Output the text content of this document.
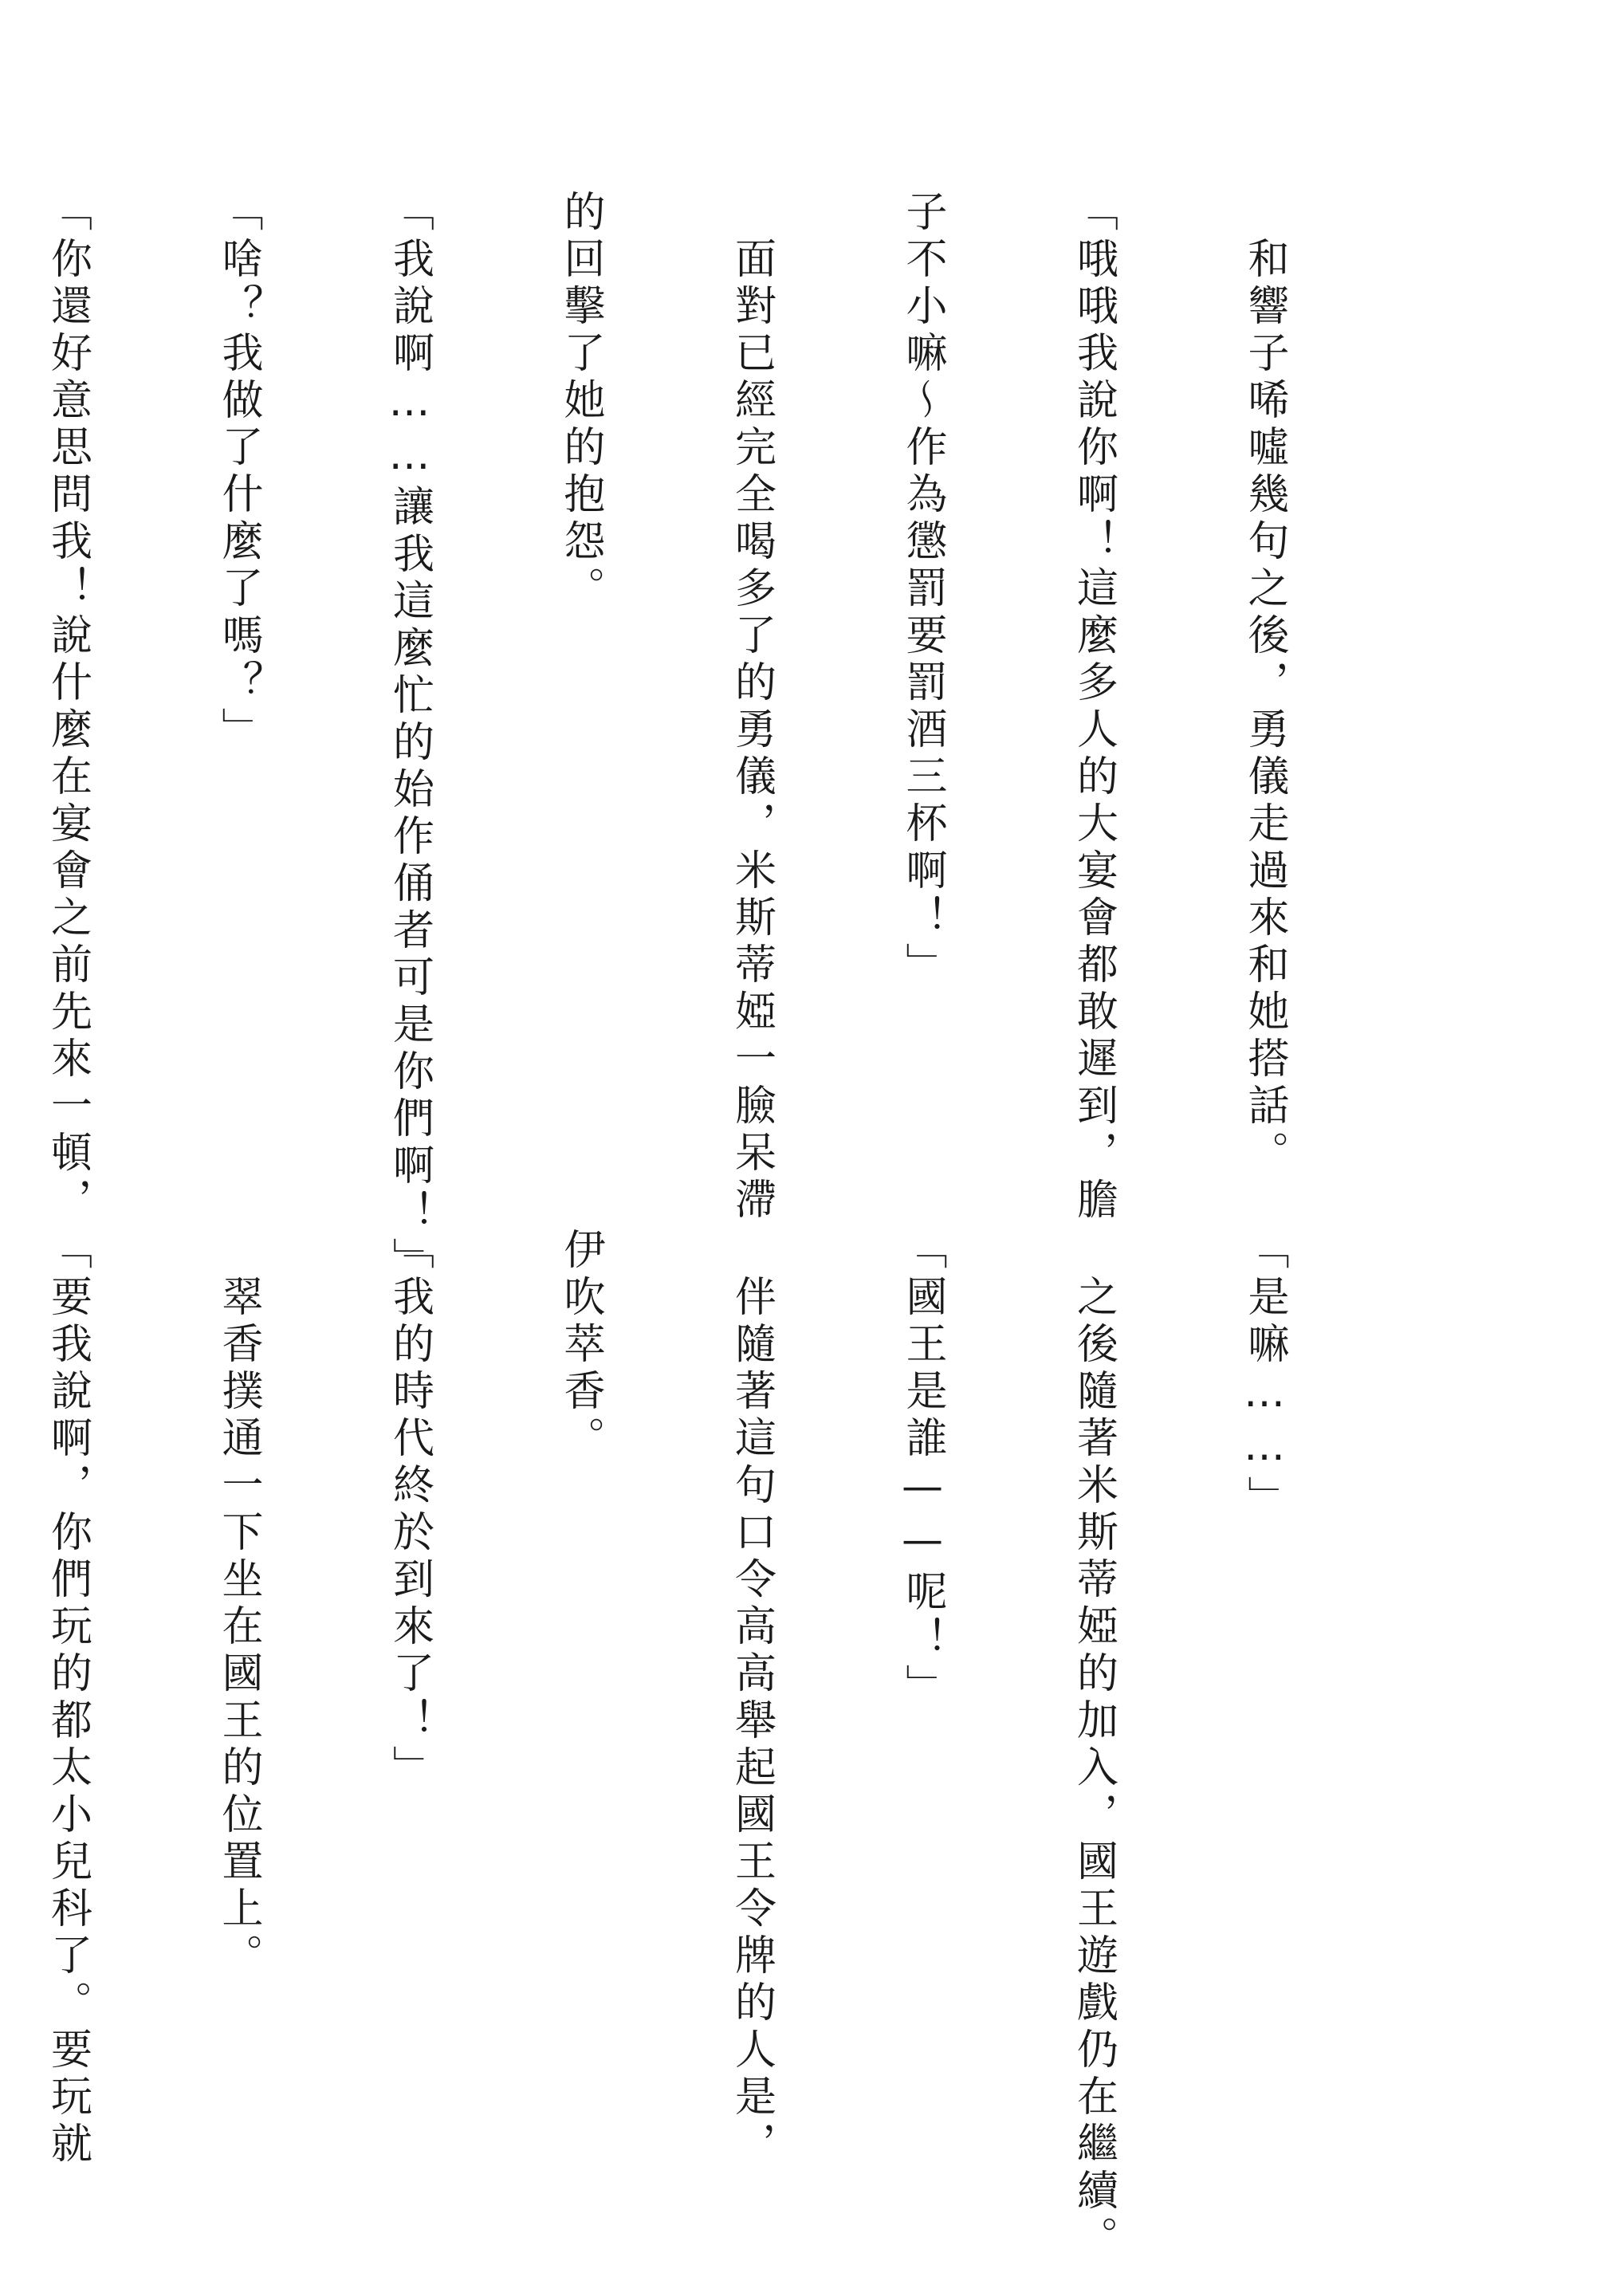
　和響子唏噓幾句之後，勇儀走過來和她搭話。

「哦哦我說你啊！這麼多人的大宴會都敢遲到，膽

子不小嘛～作為懲罰要罰酒三杯啊！」

　面對已經完全喝多了的勇儀，米斯蒂婭一臉呆滯

的回擊了她的抱怨。

「我說啊……讓我這麼忙的始作俑者可是你們啊！」

「啥？我做了什麼了嗎？」

「你還好意思問我！說什麼在宴會之前先來一頓，

「是嘛……」

　之後隨著米斯蒂婭的加入，國王遊戲仍在繼續。

「國王是誰——呢！」

　伴隨著這句口令高高舉起國王令牌的人是，

伊吹萃香。

「我的時代終於到來了！」

　翠香撲通一下坐在國王的位置上。

「要我說啊，你們玩的都太小兒科了。要玩就
